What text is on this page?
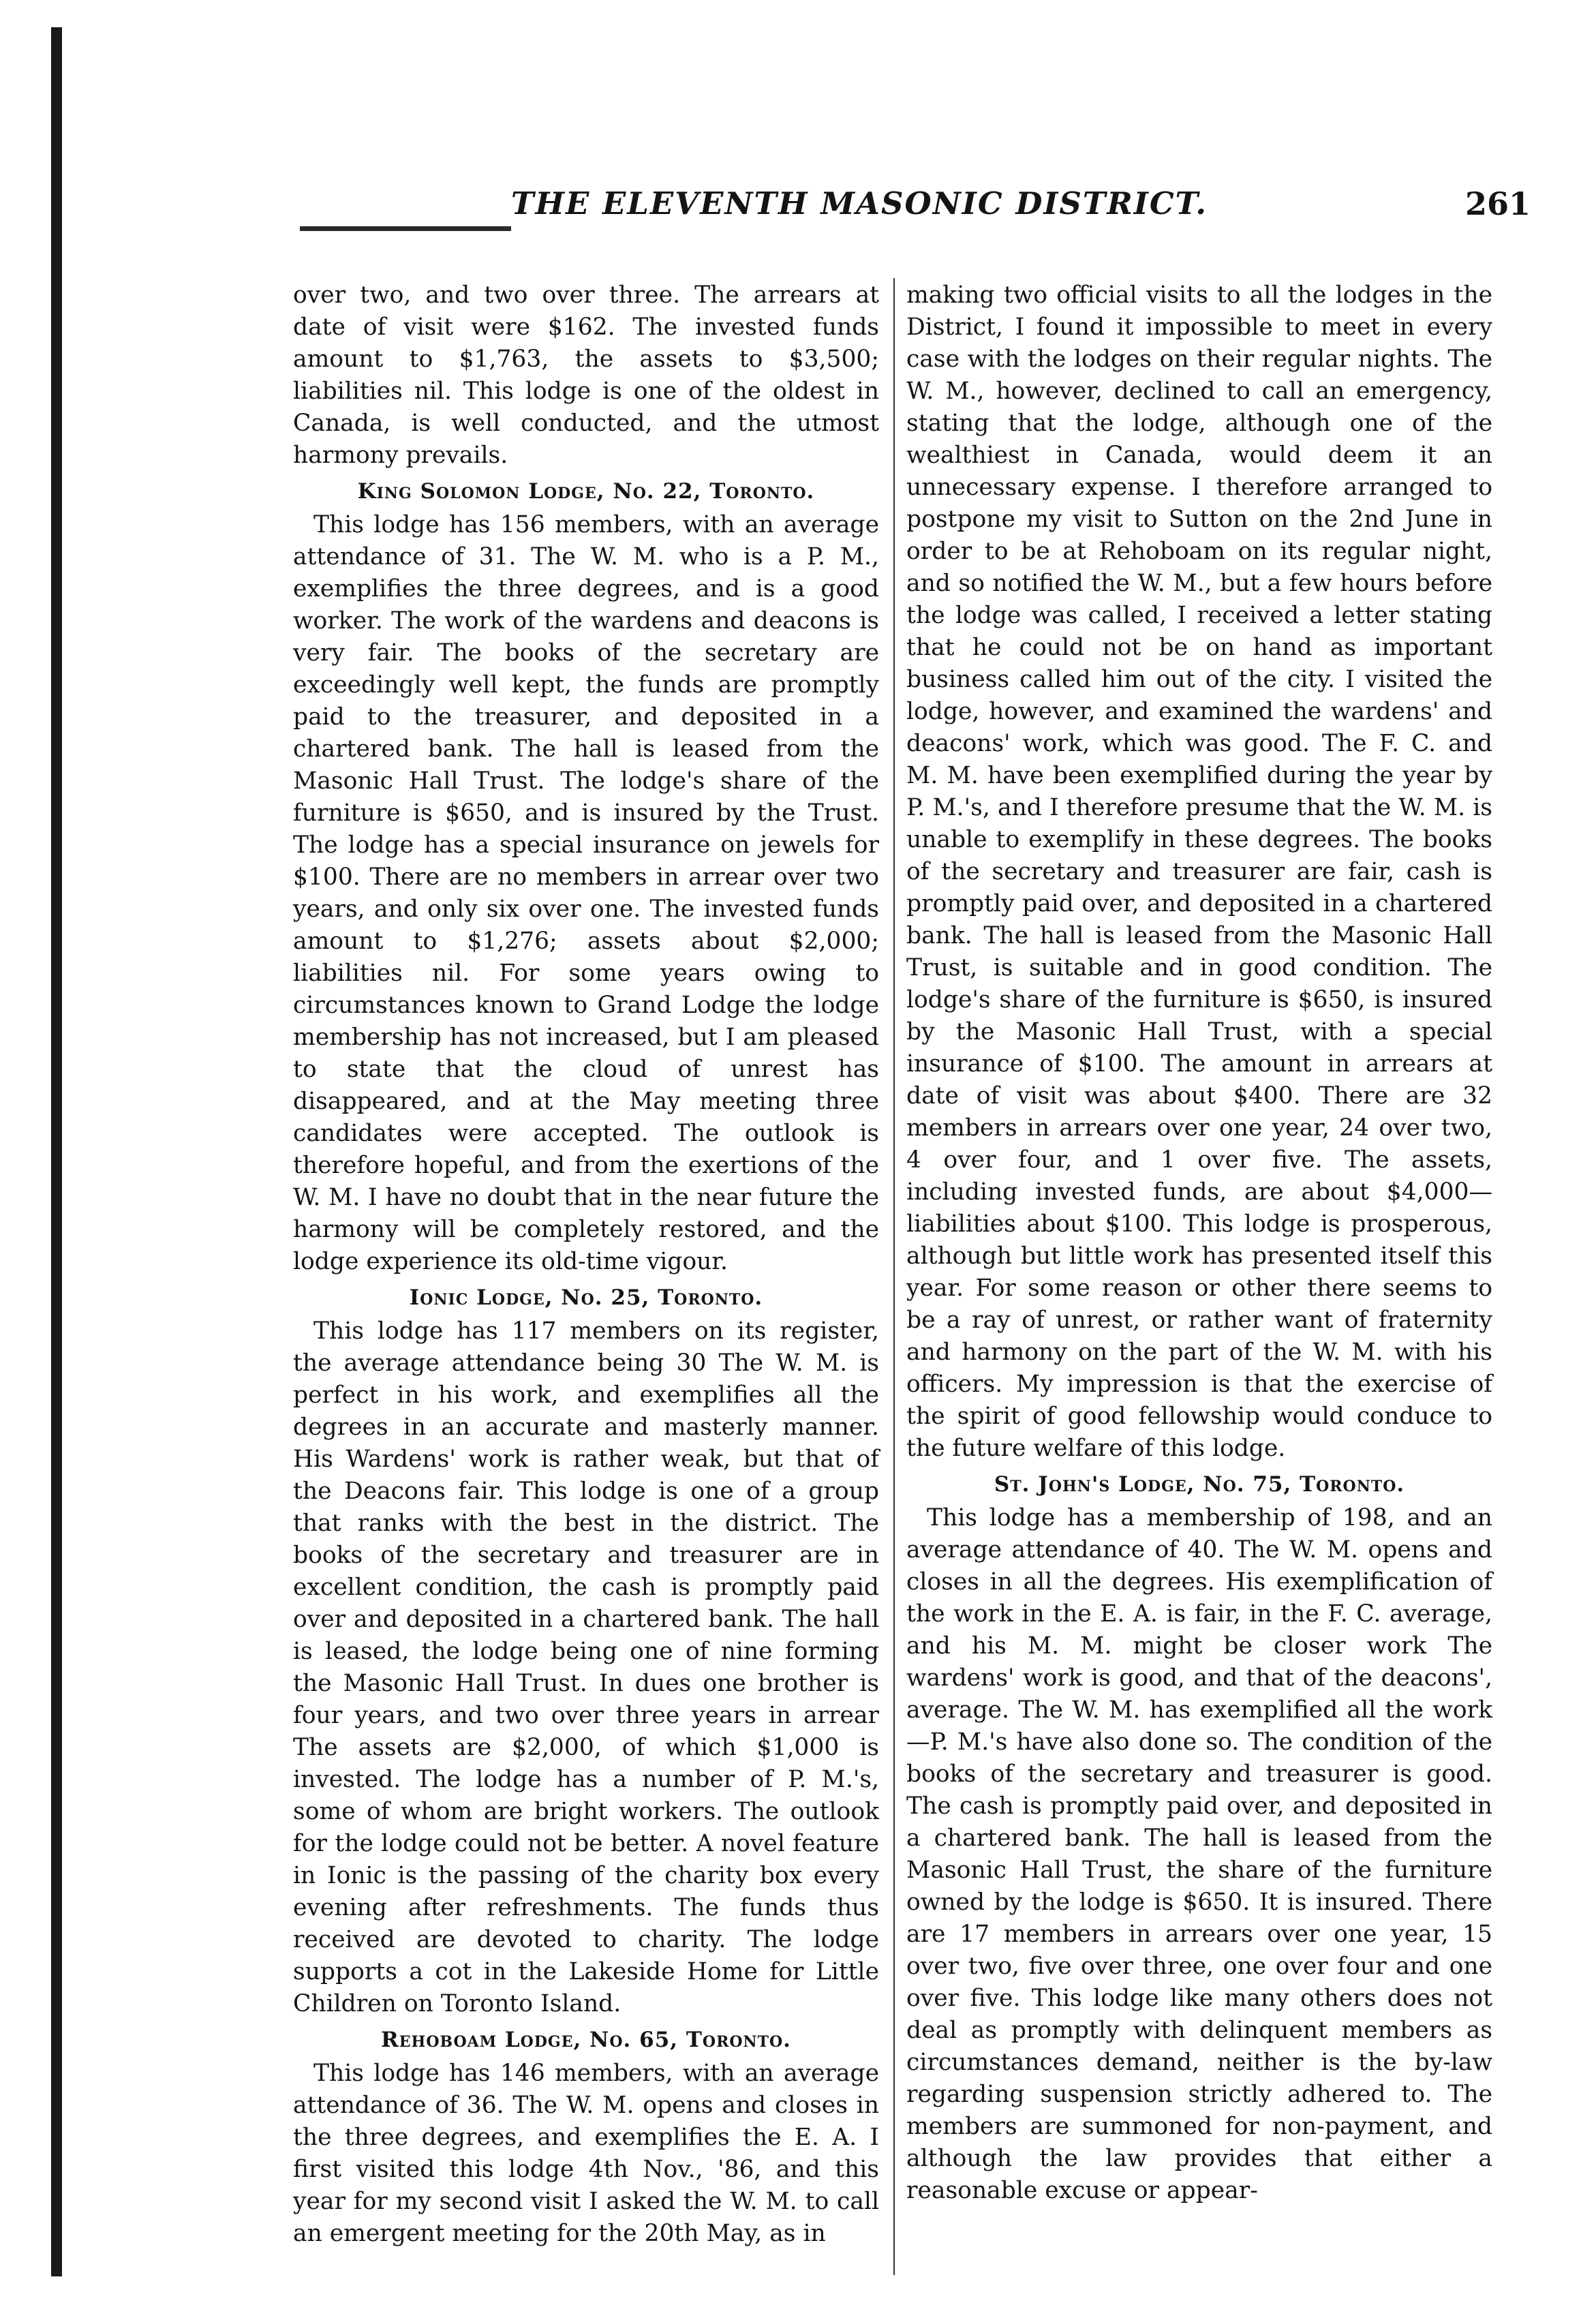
THE ELEVENTH MASONIC DISTRICT.	261

over two, and two over three. The arrears at date of visit were $162. The invested funds amount to $1,763, the assets to $3,500; liabilities nil. This lodge is one of the oldest in Canada, is well conducted, and the utmost harmony prevails.

King Solomon Lodge, No. 22, Toronto.

This lodge has 156 members, with an average attendance of 31. The W. M. who is a P. M., exemplifies the three degrees, and is a good worker. The work of the wardens and deacons is very fair. The books of the secretary are exceedingly well kept, the funds are promptly paid to the treasurer, and deposited in a chartered bank. The hall is leased from the Masonic Hall Trust. The lodge's share of the furniture is $650, and is insured by the Trust. The lodge has a special insurance on jewels for $100. There are no members in arrear over two years, and only six over one. The invested funds amount to $1,276; assets about $2,000; liabilities nil. For some years owing to circumstances known to Grand Lodge the lodge membership has not increased, but I am pleased to state that the cloud of unrest has disappeared, and at the May meeting three candidates were accepted. The outlook is therefore hopeful, and from the exertions of the W. M. I have no doubt that in the near future the harmony will be completely restored, and the lodge experience its old-time vigour.

Ionic Lodge, No. 25, Toronto.

This lodge has 117 members on its register, the average attendance being 30 The W. M. is perfect in his work, and exemplifies all the degrees in an accurate and masterly manner. His Wardens' work is rather weak, but that of the Deacons fair. This lodge is one of a group that ranks with the best in the district. The books of the secretary and treasurer are in excellent condition, the cash is promptly paid over and deposited in a chartered bank. The hall is leased, the lodge being one of nine forming the Masonic Hall Trust. In dues one brother is four years, and two over three years in arrear The assets are $2,000, of which $1,000 is invested. The lodge has a number of P. M.'s, some of whom are bright workers. The outlook for the lodge could not be better. A novel feature in Ionic is the passing of the charity box every evening after refreshments. The funds thus received are devoted to charity. The lodge supports a cot in the Lakeside Home for Little Children on Toronto Island.

Rehoboam Lodge, No. 65, Toronto.

This lodge has 146 members, with an average attendance of 36. The W. M. opens and closes in the three degrees, and exemplifies the E. A. I first visited this lodge 4th Nov., '86, and this year for my second visit I asked the W. M. to call an emergent meeting for the 20th May, as in

making two official visits to all the lodges in the District, I found it impossible to meet in every case with the lodges on their regular nights. The W. M., however, declined to call an emergency, stating that the lodge, although one of the wealthiest in Canada, would deem it an unnecessary expense. I therefore arranged to postpone my visit to Sutton on the 2nd June in order to be at Rehoboam on its regular night, and so notified the W. M., but a few hours before the lodge was called, I received a letter stating that he could not be on hand as important business called him out of the city. I visited the lodge, however, and examined the wardens' and deacons' work, which was good. The F. C. and M. M. have been exemplified during the year by P. M.'s, and I therefore presume that the W. M. is unable to exemplify in these degrees. The books of the secretary and treasurer are fair, cash is promptly paid over, and deposited in a chartered bank. The hall is leased from the Masonic Hall Trust, is suitable and in good condition. The lodge's share of the furniture is $650, is insured by the Masonic Hall Trust, with a special insurance of $100. The amount in arrears at date of visit was about $400. There are 32 members in arrears over one year, 24 over two, 4 over four, and 1 over five. The assets, including invested funds, are about $4,000—liabilities about $100. This lodge is prosperous, although but little work has presented itself this year. For some reason or other there seems to be a ray of unrest, or rather want of fraternity and harmony on the part of the W. M. with his officers. My impression is that the exercise of the spirit of good fellowship would conduce to the future welfare of this lodge.

St. John's Lodge, No. 75, Toronto.

This lodge has a membership of 198, and an average attendance of 40. The W. M. opens and closes in all the degrees. His exemplification of the work in the E. A. is fair, in the F. C. average, and his M. M. might be closer work The wardens' work is good, and that of the deacons', average. The W. M. has exemplified all the work—P. M.'s have also done so. The condition of the books of the secretary and treasurer is good. The cash is promptly paid over, and deposited in a chartered bank. The hall is leased from the Masonic Hall Trust, the share of the furniture owned by the lodge is $650. It is insured. There are 17 members in arrears over one year, 15 over two, five over three, one over four and one over five. This lodge like many others does not deal as promptly with delinquent members as circumstances demand, neither is the by-law regarding suspension strictly adhered to. The members are summoned for non-payment, and although the law provides that either a reasonable excuse or appear-
